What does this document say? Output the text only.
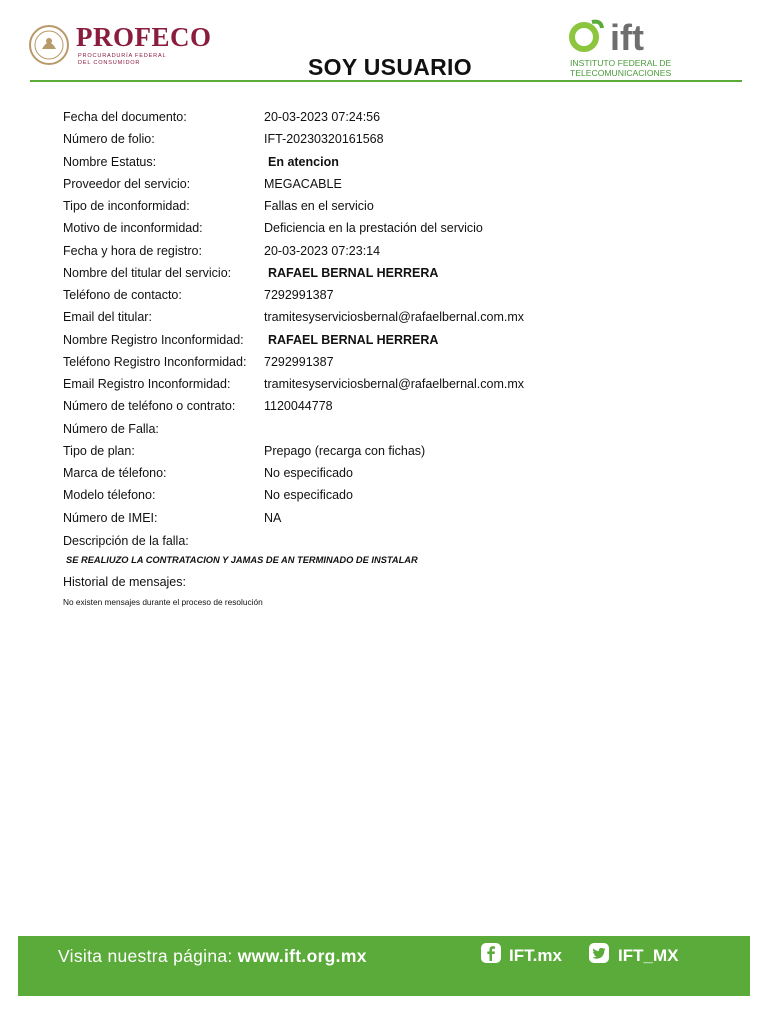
PROFECO
PROCURADURÍA FEDERAL
DEL CONSUMIDOR	SOY USUARIO
ift
INSTITUTO FEDERAL DE
TELECOMUNICACIONES
Fecha del documento:	20-03-2023 07:24:56
Número de folio:	IFT-20230320161568
Nombre Estatus:	En atencion
Proveedor del servicio:	MEGACABLE
Tipo de inconformidad:	Fallas en el servicio
Motivo de inconformidad:	Deficiencia en la prestación del servicio
Fecha y hora de registro:	20-03-2023 07:23:14
Nombre del titular del servicio:	RAFAEL BERNAL HERRERA
Teléfono de contacto:	7292991387
Email del titular:	tramitesyserviciosbernal@rafaelbernal.com.mx
Nombre Registro Inconformidad: RAFAEL BERNAL HERRERA
Teléfono Registro Inconformidad: 7292991387
Email Registro Inconformidad:	tramitesyserviciosbernal@rafaelbernal.com.mx
Número de teléfono o contrato: 1120044778
Número de Falla:
Tipo de plan:	Prepago (recarga con fichas)
Marca de télefono:	No especificado
Modelo télefono:	No especificado
Número de IMEI:	NA
Descripción de la falla:
SE REALIUZO LA CONTRATACION Y JAMAS DE AN TERMINADO DE INSTALAR
Historial de mensajes:
No existen mensajes durante el proceso de resolución
Visita nuestra página: www.ift.org.mx	IFT.mx	IFT_MX
